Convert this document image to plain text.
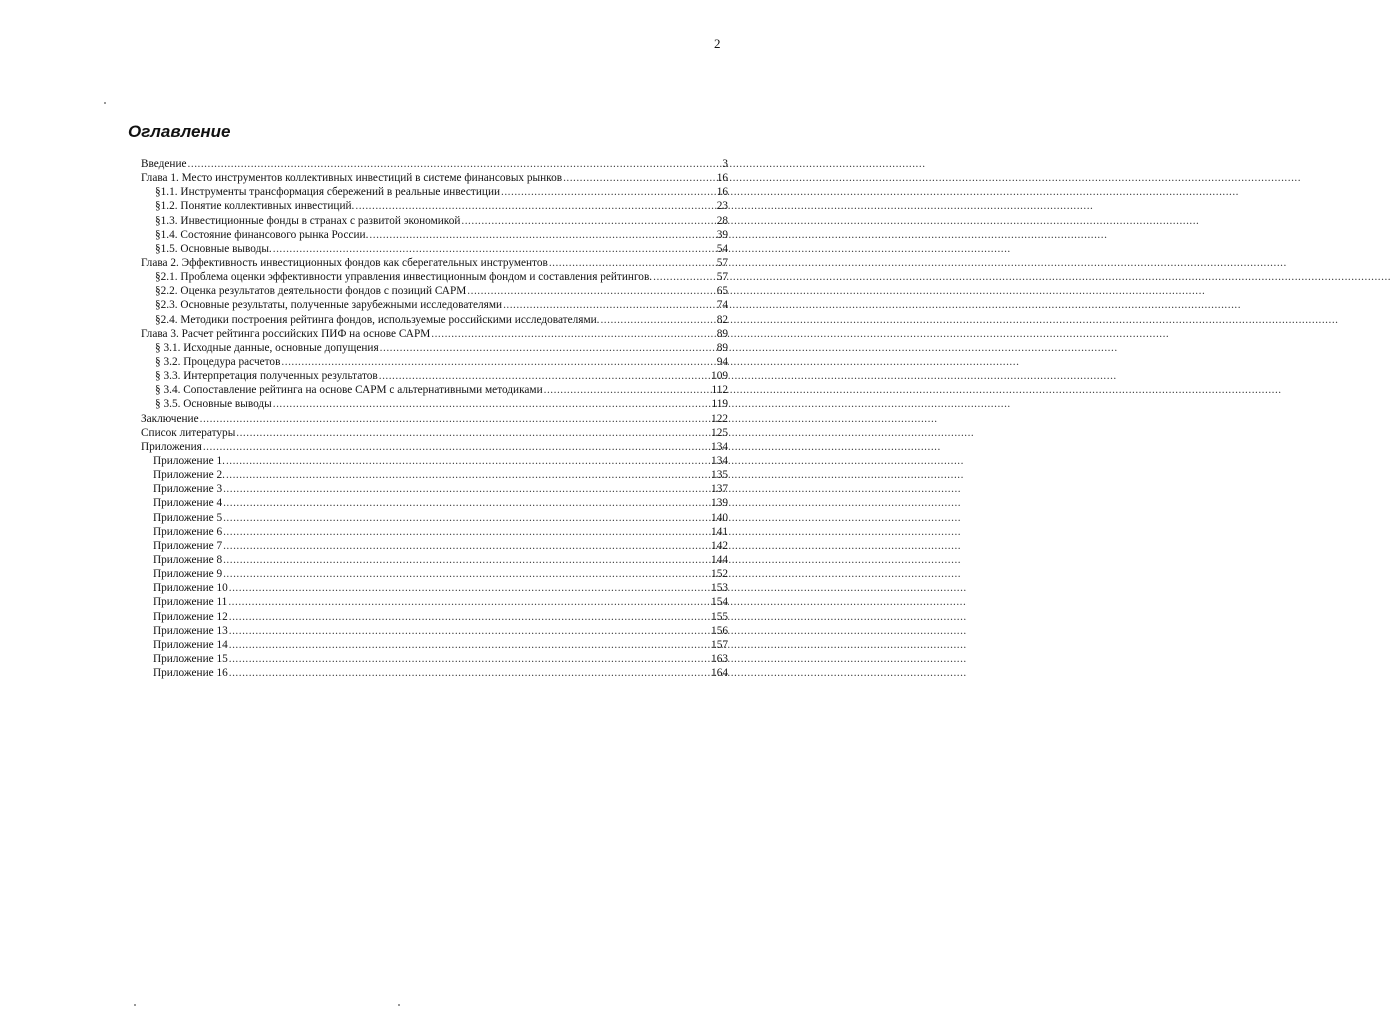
2
Оглавление
Введение .....	3
Глава 1. Место инструментов коллективных инвестиций в системе финансовых рынков .....	16
§1.1. Инструменты трансформация сбережений в реальные инвестиции .....	16
§1.2. Понятие коллективных инвестиций. .....	23
§1.3. Инвестиционные фонды в странах с развитой экономикой .....	28
§1.4. Состояние финансового рынка России. .....	39
§1.5. Основные выводы. .....	54
Глава 2. Эффективность инвестиционных фондов как сберегательных инструментов .....	57
§2.1. Проблема оценки эффективности управления инвестиционным фондом и составления рейтингов. .....	57
§2.2. Оценка результатов деятельности фондов с позиций САРМ .....	65
§2.3. Основные результаты, полученные зарубежными исследователями .....	74
§2.4. Методики построения рейтинга фондов, используемые российскими исследователями. .....	82
Глава 3. Расчет рейтинга российских ПИФ на основе САРМ .....	89
§ 3.1. Исходные данные, основные допущения .....	89
§ 3.2. Процедура расчетов .....	94
§ 3.3. Интерпретация полученных результатов .....	109
§ 3.4. Сопоставление рейтинга на основе САРМ с альтернативными методиками .....	112
§ 3.5. Основные выводы .....	119
Заключение .....	122
Список литературы .....	125
Приложения .....	134
Приложение 1. .....	134
Приложение 2. .....	135
Приложение 3 .....	137
Приложение 4 .....	139
Приложение 5 .....	140
Приложение 6 .....	141
Приложение 7 .....	142
Приложение 8 .....	144
Приложение 9 .....	152
Приложение 10 .....	153
Приложение 11 .....	154
Приложение 12 .....	155
Приложение 13 .....	156
Приложение 14 .....	157
Приложение 15 .....	163
Приложение 16 .....	164
